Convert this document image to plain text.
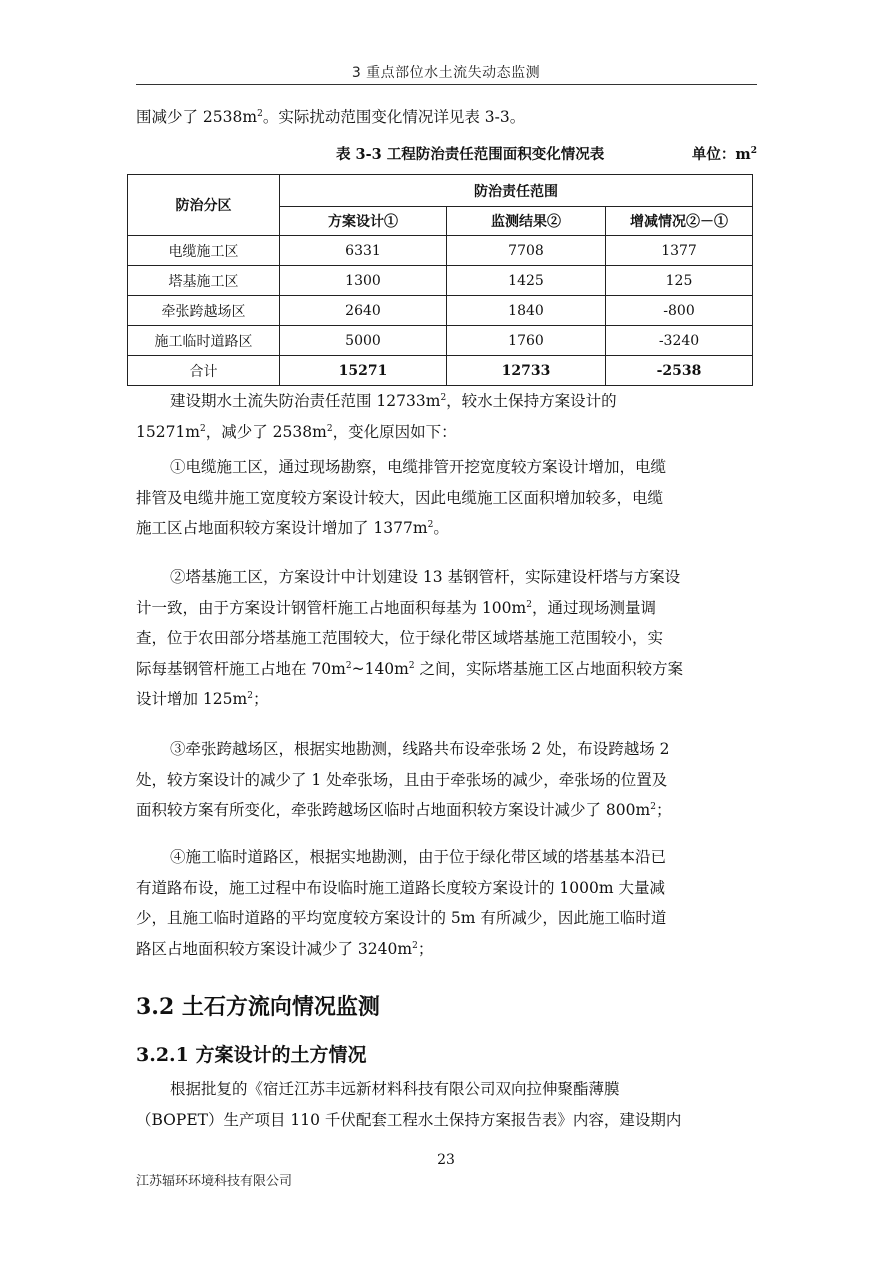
3 重点部位水土流失动态监测
围减少了 $2538m^2$。实际扰动范围变化情况详见表 3-3。
表 3-3 工程防治责任范围面积变化情况表	单位：$m^2$
防治分区	防治责任范围		
	方案设计①	监测结果②	增减情况②－①
电缆施工区	6331	7708	1377
塔基施工区	1300	1425	125
牵张跨越场区	2640	1840	-800
施工临时道路区	5000	1760	-3240
合计	15271	12733	-2538
建设期水土流失防治责任范围 $12733m^2$，较水土保持方案设计的
$15271m^2$，减少了 $2538m^2$，变化原因如下：
①电缆施工区，通过现场勘察，电缆排管开挖宽度较方案设计增加，电缆
排管及电缆井施工宽度较方案设计较大，因此电缆施工区面积增加较多，电缆
施工区占地面积较方案设计增加了 $1377m^2$。
②塔基施工区，方案设计中计划建设 13 基钢管杆，实际建设杆塔与方案设
计一致，由于方案设计钢管杆施工占地面积每基为 $100m^2$，通过现场测量调
查，位于农田部分塔基施工范围较大，位于绿化带区域塔基施工范围较小，实
际每基钢管杆施工占地在 $70m^2\sim 140m^2$ 之间，实际塔基施工区占地面积较方案
设计增加 $125m^2$；
③牵张跨越场区，根据实地勘测，线路共布设牵张场 2 处，布设跨越场 2
处，较方案设计的减少了 1 处牵张场，且由于牵张场的减少，牵张场的位置及
面积较方案有所变化，牵张跨越场区临时占地面积较方案设计减少了 $800m^2$；
④施工临时道路区，根据实地勘测，由于位于绿化带区域的塔基基本沿已
有道路布设，施工过程中布设临时施工道路长度较方案设计的 1000m 大量减
少，且施工临时道路的平均宽度较方案设计的 5m 有所减少，因此施工临时道
路区占地面积较方案设计减少了 $3240m^2$；
3.2 土石方流向情况监测
3.2.1 方案设计的土方情况
根据批复的《宿迁江苏丰远新材料科技有限公司双向拉伸聚酯薄膜
（BOPET）生产项目 110 千伏配套工程水土保持方案报告表》内容，建设期内
23
江苏辐环环境科技有限公司
